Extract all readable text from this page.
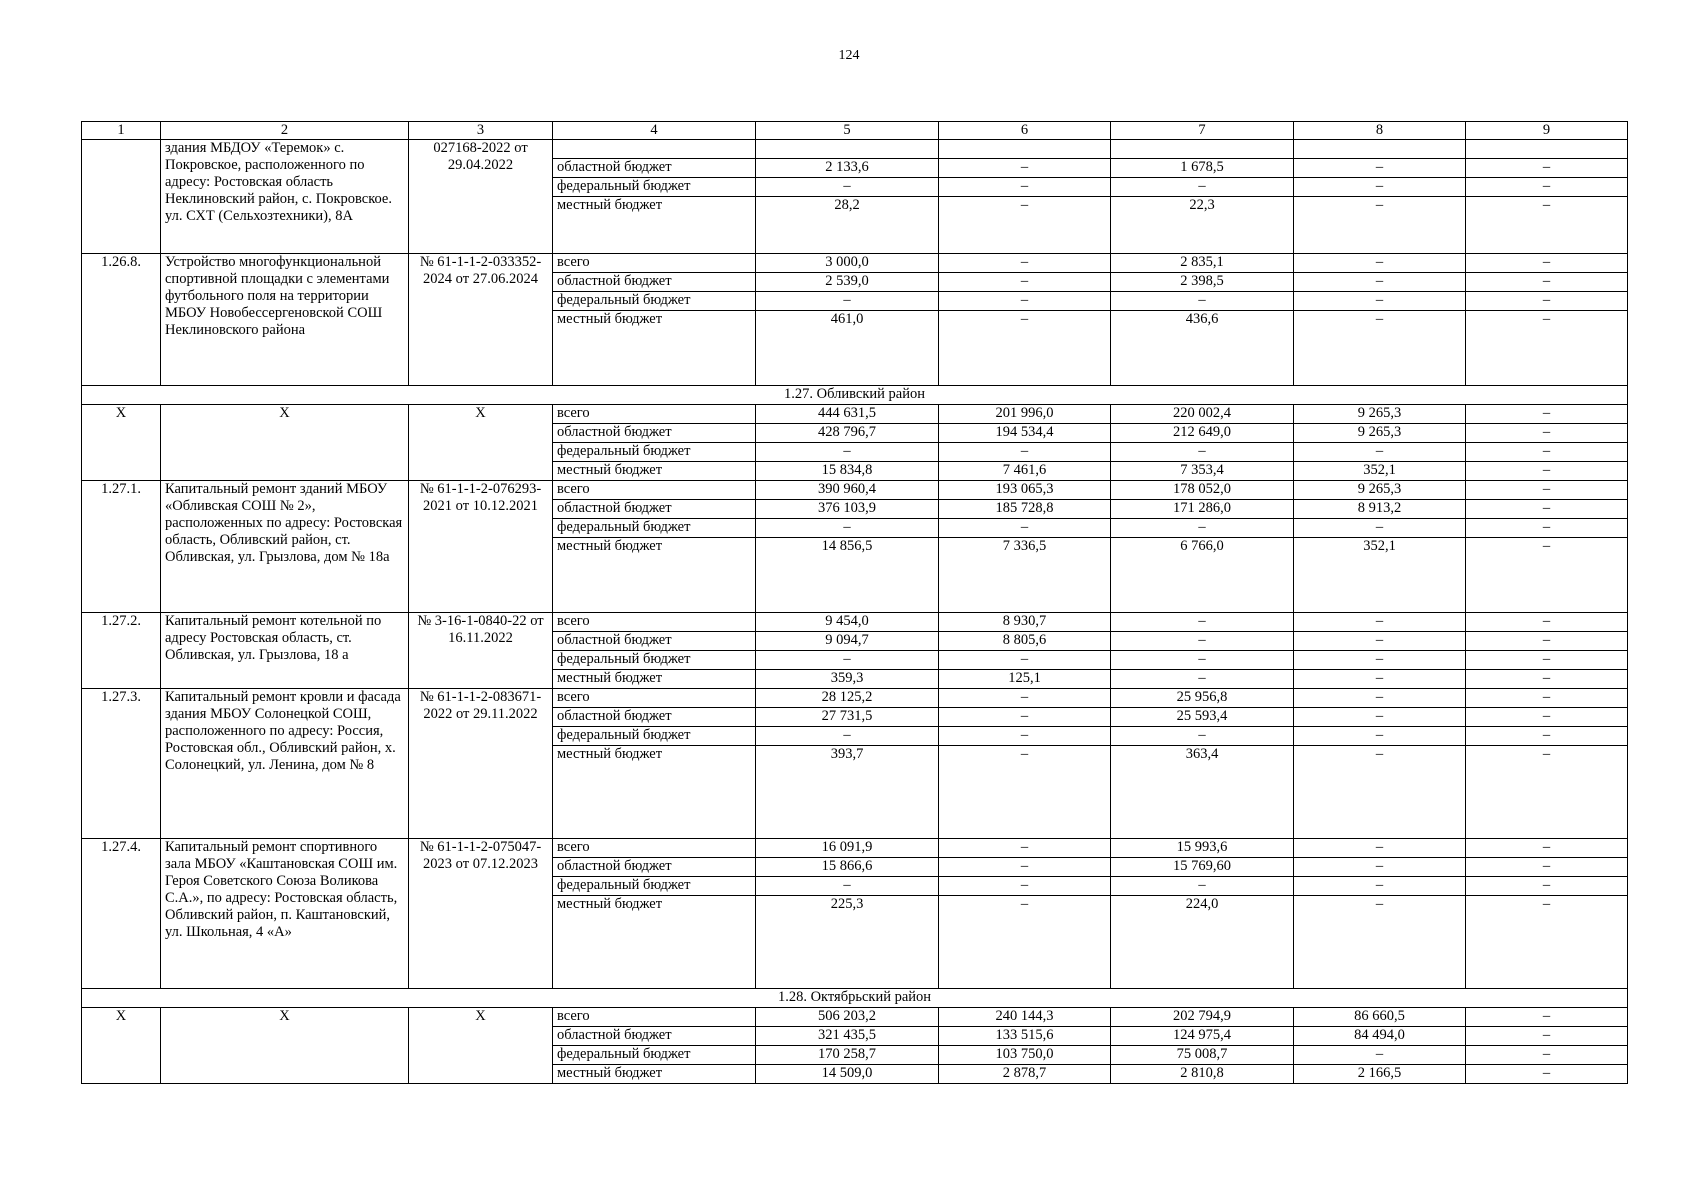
124
1	2	3	4	5	6	7	8	9
	здания МБДОУ «Теремок» с. Покровское, расположенного по адресу: Ростовская область Неклиновский район, с. Покровское. ул. СХТ (Сельхозтехники), 8А	027168-2022 от 29.04.2022						
			областной бюджет	2 133,6	–	1 678,5	–	–
			федеральный бюджет	–	–	–	–	–
			местный бюджет	28,2	–	22,3	–	–
1.26.8.	Устройство многофункциональной спортивной площадки с элементами футбольного поля на территории МБОУ Новобессергеновской СОШ Неклиновского района	№ 61-1-1-2-033352-2024 от 27.06.2024	всего	3 000,0	–	2 835,1	–	–
			областной бюджет	2 539,0	–	2 398,5	–	–
			федеральный бюджет	–	–	–	–	–
			местный бюджет	461,0	–	436,6	–	–
1.27. Обливский район								
Х	Х	Х	всего	444 631,5	201 996,0	220 002,4	9 265,3	–
			областной бюджет	428 796,7	194 534,4	212 649,0	9 265,3	–
			федеральный бюджет	–	–	–	–	–
			местный бюджет	15 834,8	7 461,6	7 353,4	352,1	–
1.27.1.	Капитальный ремонт зданий МБОУ «Обливская СОШ № 2», расположенных по адресу: Ростовская область, Обливский район, ст. Обливская, ул. Грызлова, дом № 18а	№ 61-1-1-2-076293-2021 от 10.12.2021	всего	390 960,4	193 065,3	178 052,0	9 265,3	–
			областной бюджет	376 103,9	185 728,8	171 286,0	8 913,2	–
			федеральный бюджет	–	–	–	–	–
			местный бюджет	14 856,5	7 336,5	6 766,0	352,1	–
1.27.2.	Капитальный ремонт котельной по адресу Ростовская область, ст. Обливская, ул. Грызлова, 18 а	№ 3-16-1-0840-22 от 16.11.2022	всего	9 454,0	8 930,7	–	–	–
			областной бюджет	9 094,7	8 805,6	–	–	–
			федеральный бюджет	–	–	–	–	–
			местный бюджет	359,3	125,1	–	–	–
1.27.3.	Капитальный ремонт кровли и фасада здания МБОУ Солонецкой СОШ, расположенного по адресу: Россия, Ростовская обл., Обливский район, х. Солонецкий, ул. Ленина, дом № 8	№ 61-1-1-2-083671-2022 от 29.11.2022	всего	28 125,2	–	25 956,8	–	–
			областной бюджет	27 731,5	–	25 593,4	–	–
			федеральный бюджет	–	–	–	–	–
			местный бюджет	393,7	–	363,4	–	–
1.27.4.	Капитальный ремонт спортивного зала МБОУ «Каштановская СОШ им. Героя Советского Союза Воликова С.А.», по адресу: Ростовская область, Обливский район, п. Каштановский, ул. Школьная, 4 «А»	№ 61-1-1-2-075047-2023 от 07.12.2023	всего	16 091,9	–	15 993,6	–	–
			областной бюджет	15 866,6	–	15 769,60	–	–
			федеральный бюджет	–	–	–	–	–
			местный бюджет	225,3	–	224,0	–	–
1.28. Октябрьский район								
Х	Х	Х	всего	506 203,2	240 144,3	202 794,9	86 660,5	–
			областной бюджет	321 435,5	133 515,6	124 975,4	84 494,0	–
			федеральный бюджет	170 258,7	103 750,0	75 008,7	–	–
			местный бюджет	14 509,0	2 878,7	2 810,8	2 166,5	–
